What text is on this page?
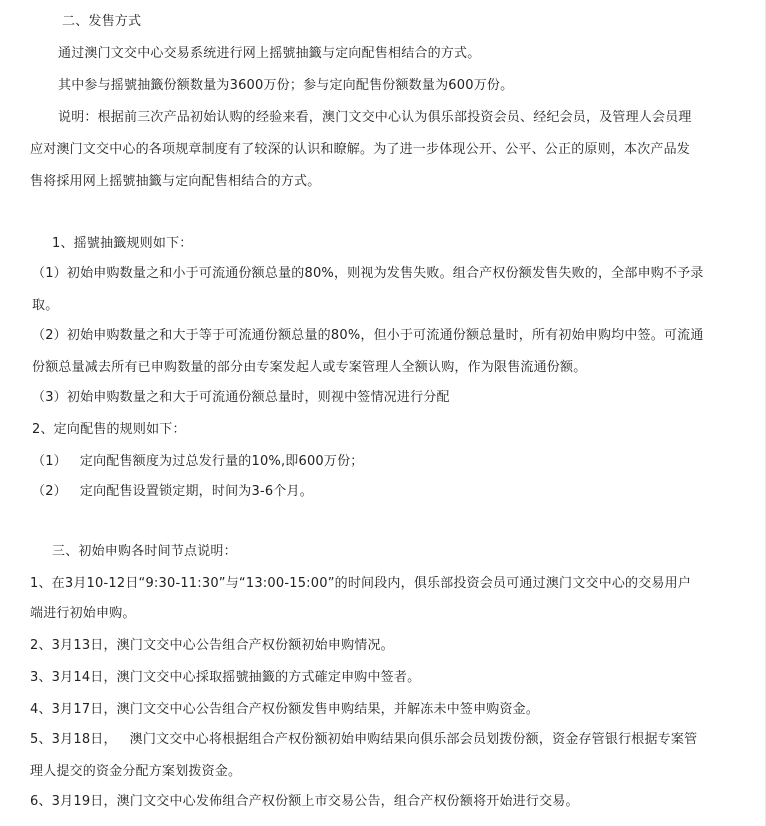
二、发售方式
通过澳门文交中心交易系统进行网上摇號抽籤与定向配售相结合的方式。
其中参与摇號抽籤份额数量为3600万份；参与定向配售份额数量为600万份。
说明：根据前三次产品初始认购的经验来看，澳门文交中心认为俱乐部投资会员、经纪会员，及管理人会员理
应对澳门文交中心的各项规章制度有了较深的认识和瞭解。为了进一步体现公开、公平、公正的原则，本次产品发
售将採用网上摇號抽籤与定向配售相结合的方式。
1、摇號抽籤规则如下：
（1）初始申购数量之和小于可流通份额总量的80%，则视为发售失败。组合产权份额发售失败的，全部申购不予录
取。
（2）初始申购数量之和大于等于可流通份额总量的80%，但小于可流通份额总量时，所有初始申购均中签。可流通
份额总量减去所有已申购数量的部分由专案发起人或专案管理人全额认购，作为限售流通份额。
（3）初始申购数量之和大于可流通份额总量时，则视中签情况进行分配
2、定向配售的规则如下：
（1）   定向配售额度为过总发行量的10%,即600万份；
（2）   定向配售设置锁定期，时间为3-6个月。
三、初始申购各时间节点说明：
1、在3月10-12日“9:30-11:30”与“13:00-15:00”的时间段内，俱乐部投资会员可通过澳门文交中心的交易用户
端进行初始申购。
2、3月13日，澳门文交中心公告组合产权份额初始申购情况。
3、3月14日，澳门文交中心採取摇號抽籤的方式確定申购中签者。
4、3月17日，澳门文交中心公告组合产权份额发售申购结果，并解冻未中签申购资金。
5、3月18日，   澳门文交中心将根据组合产权份额初始申购结果向俱乐部会员划拨份额，资金存管银行根据专案管
理人提交的资金分配方案划拨资金。
6、3月19日，澳门文交中心发佈组合产权份额上市交易公告，组合产权份额将开始进行交易。
